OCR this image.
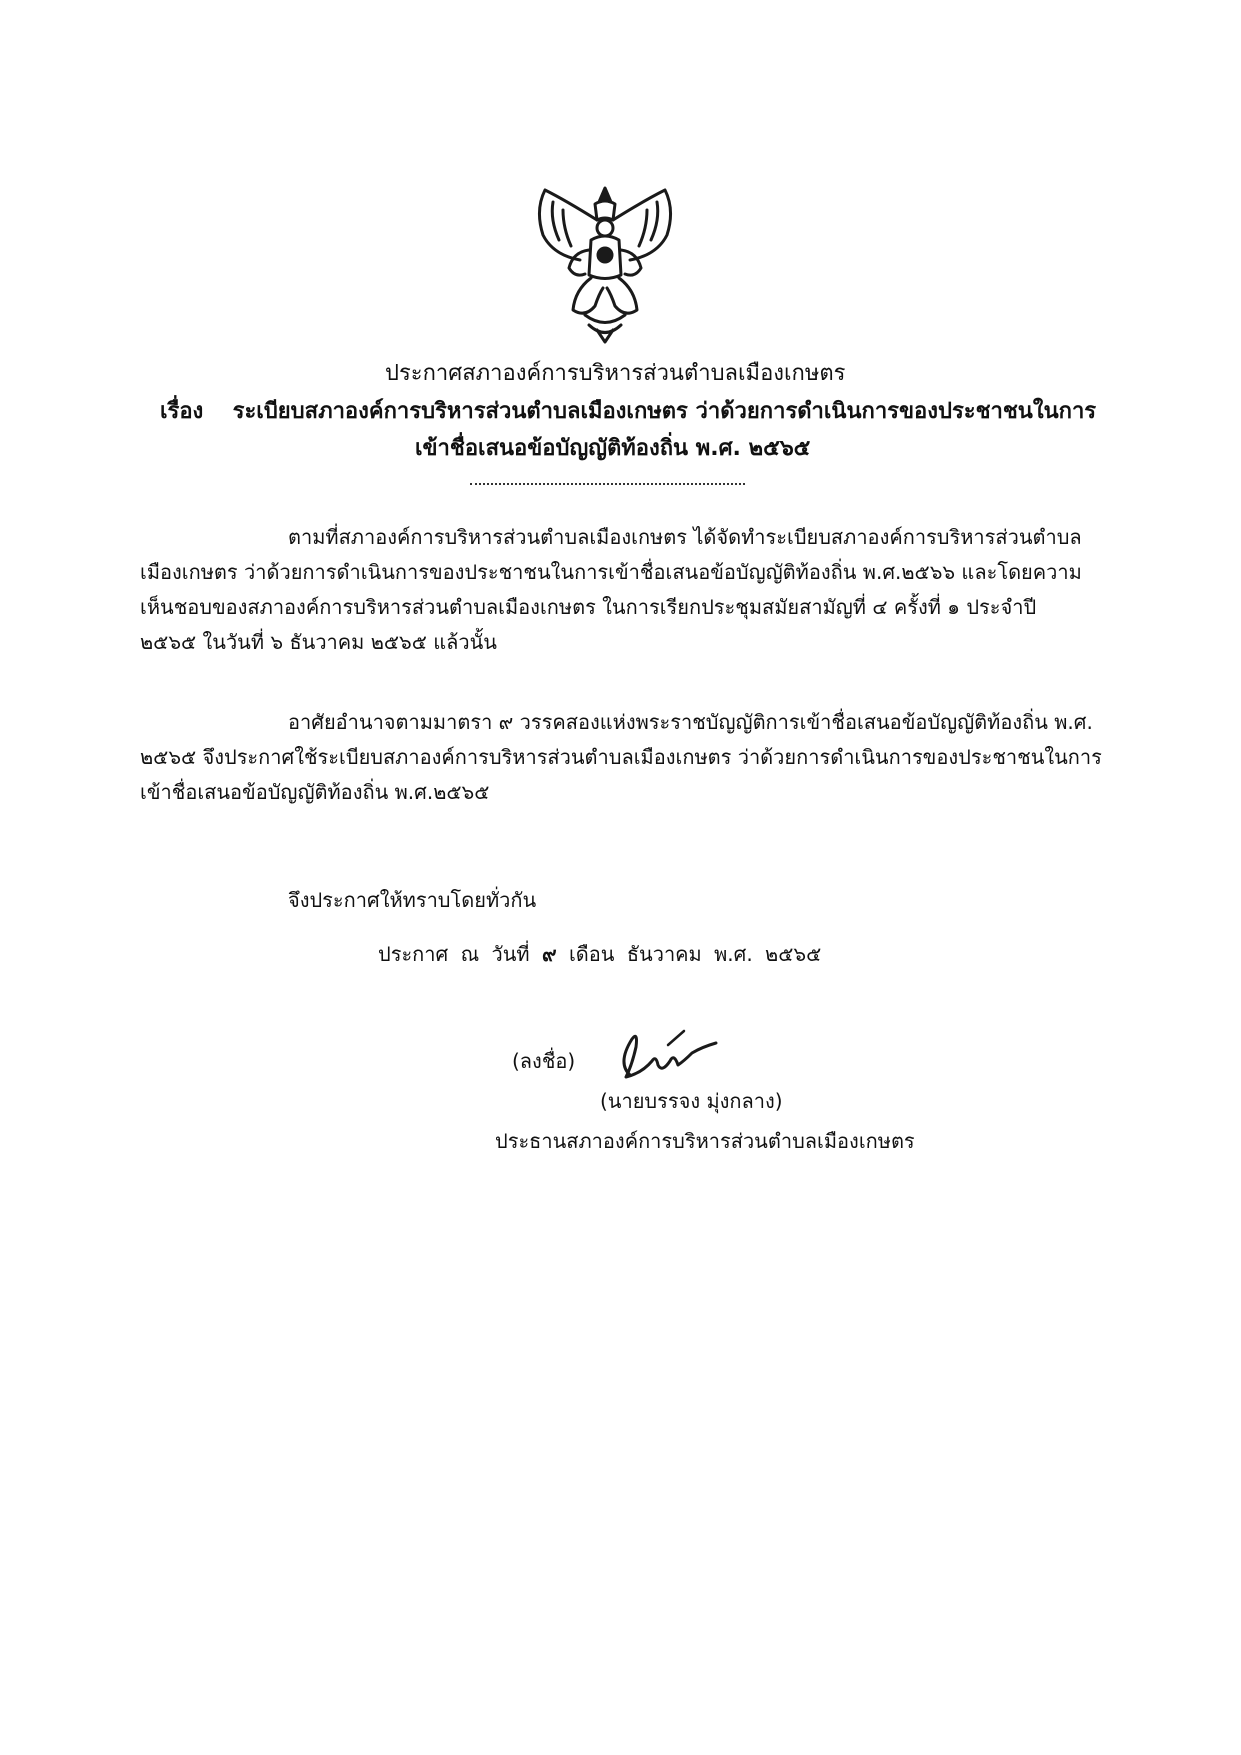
ประกาศสภาองค์การบริหารส่วนตำบลเมืองเกษตร
เรื่อง ระเบียบสภาองค์การบริหารส่วนตำบลเมืองเกษตร ว่าด้วยการดำเนินการของประชาชนในการ
เข้าชื่อเสนอข้อบัญญัติท้องถิ่น พ.ศ. ๒๕๖๕
ตามที่สภาองค์การบริหารส่วนตำบลเมืองเกษตร ได้จัดทำระเบียบสภาองค์การบริหารส่วนตำบล
เมืองเกษตร ว่าด้วยการดำเนินการของประชาชนในการเข้าชื่อเสนอข้อบัญญัติท้องถิ่น พ.ศ.๒๕๖๖ และโดยความ
เห็นชอบของสภาองค์การบริหารส่วนตำบลเมืองเกษตร ในการเรียกประชุมสมัยสามัญที่ ๔ ครั้งที่ ๑ ประจำปี
๒๕๖๕ ในวันที่ ๖ ธันวาคม ๒๕๖๕ แล้วนั้น
อาศัยอำนาจตามมาตรา ๙ วรรคสองแห่งพระราชบัญญัติการเข้าชื่อเสนอข้อบัญญัติท้องถิ่น พ.ศ.
๒๕๖๕ จึงประกาศใช้ระเบียบสภาองค์การบริหารส่วนตำบลเมืองเกษตร ว่าด้วยการดำเนินการของประชาชนในการ
เข้าชื่อเสนอข้อบัญญัติท้องถิ่น พ.ศ.๒๕๖๕
จึงประกาศให้ทราบโดยทั่วกัน
ประกาศ ณ วันที่ ๙ เดือน ธันวาคม พ.ศ. ๒๕๖๕
(ลงชื่อ)
(นายบรรจง มุ่งกลาง)
ประธานสภาองค์การบริหารส่วนตำบลเมืองเกษตร
